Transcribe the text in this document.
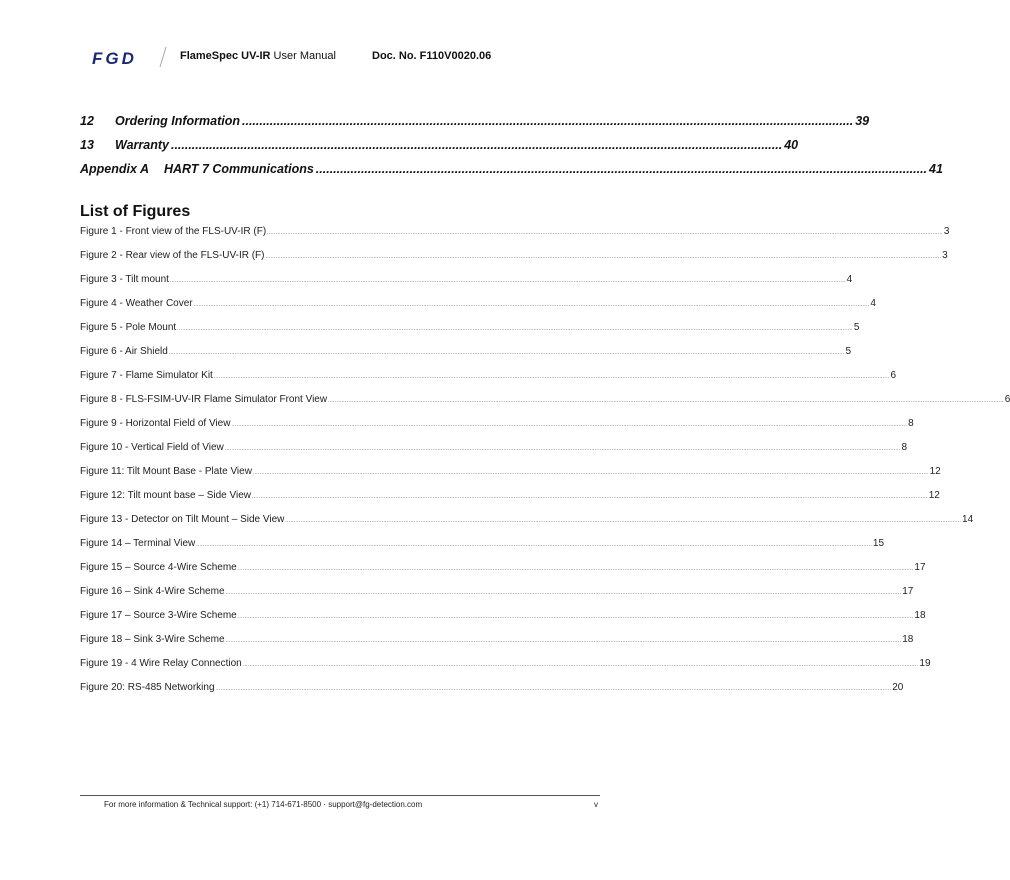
FGD	FlameSpec UV-IR User Manual	Doc. No. F110V0020.06
12	Ordering Information ................................................................................................................................................................................ 39
13	Warranty ................................................................................................................................................................................ 40
Appendix A	HART 7 Communications ................................................................................................................................................................................ 41
List of Figures
Figure 1 - Front view of the FLS-UV-IR (F) ................................................................................................................................................................................................................................................................................................................................................................................................................ 3
Figure 2 - Rear view of the FLS-UV-IR (F) ................................................................................................................................................................................................................................................................................................................................................................................................................ 3
Figure 3 - Tilt mount ................................................................................................................................................................................................................................................................................................................................................................................................................ 4
Figure 4 - Weather Cover ................................................................................................................................................................................................................................................................................................................................................................................................................ 4
Figure 5 - Pole Mount ................................................................................................................................................................................................................................................................................................................................................................................................................ 5
Figure 6 - Air Shield ................................................................................................................................................................................................................................................................................................................................................................................................................ 5
Figure 7 - Flame Simulator Kit ................................................................................................................................................................................................................................................................................................................................................................................................................ 6
Figure 8 - FLS-FSIM-UV-IR Flame Simulator Front View ................................................................................................................................................................................................................................................................................................................................................................................................................ 6
Figure 9 - Horizontal Field of View ................................................................................................................................................................................................................................................................................................................................................................................................................ 8
Figure 10 - Vertical Field of View ................................................................................................................................................................................................................................................................................................................................................................................................................ 8
Figure 11: Tilt Mount Base - Plate View ................................................................................................................................................................................................................................................................................................................................................................................................................ 12
Figure 12: Tilt mount base – Side View ................................................................................................................................................................................................................................................................................................................................................................................................................ 12
Figure 13 - Detector on Tilt Mount – Side View ................................................................................................................................................................................................................................................................................................................................................................................................................ 14
Figure 14 – Terminal View ................................................................................................................................................................................................................................................................................................................................................................................................................ 15
Figure 15 – Source 4-Wire Scheme ................................................................................................................................................................................................................................................................................................................................................................................................................ 17
Figure 16 – Sink 4-Wire Scheme ................................................................................................................................................................................................................................................................................................................................................................................................................ 17
Figure 17 – Source 3-Wire Scheme ................................................................................................................................................................................................................................................................................................................................................................................................................ 18
Figure 18 – Sink 3-Wire Scheme ................................................................................................................................................................................................................................................................................................................................................................................................................ 18
Figure 19 - 4 Wire Relay Connection ................................................................................................................................................................................................................................................................................................................................................................................................................ 19
Figure 20: RS-485 Networking ................................................................................................................................................................................................................................................................................................................................................................................................................ 20
For more information & Technical support: (+1) 714-671-8500 · support@fg-detection.com	v
